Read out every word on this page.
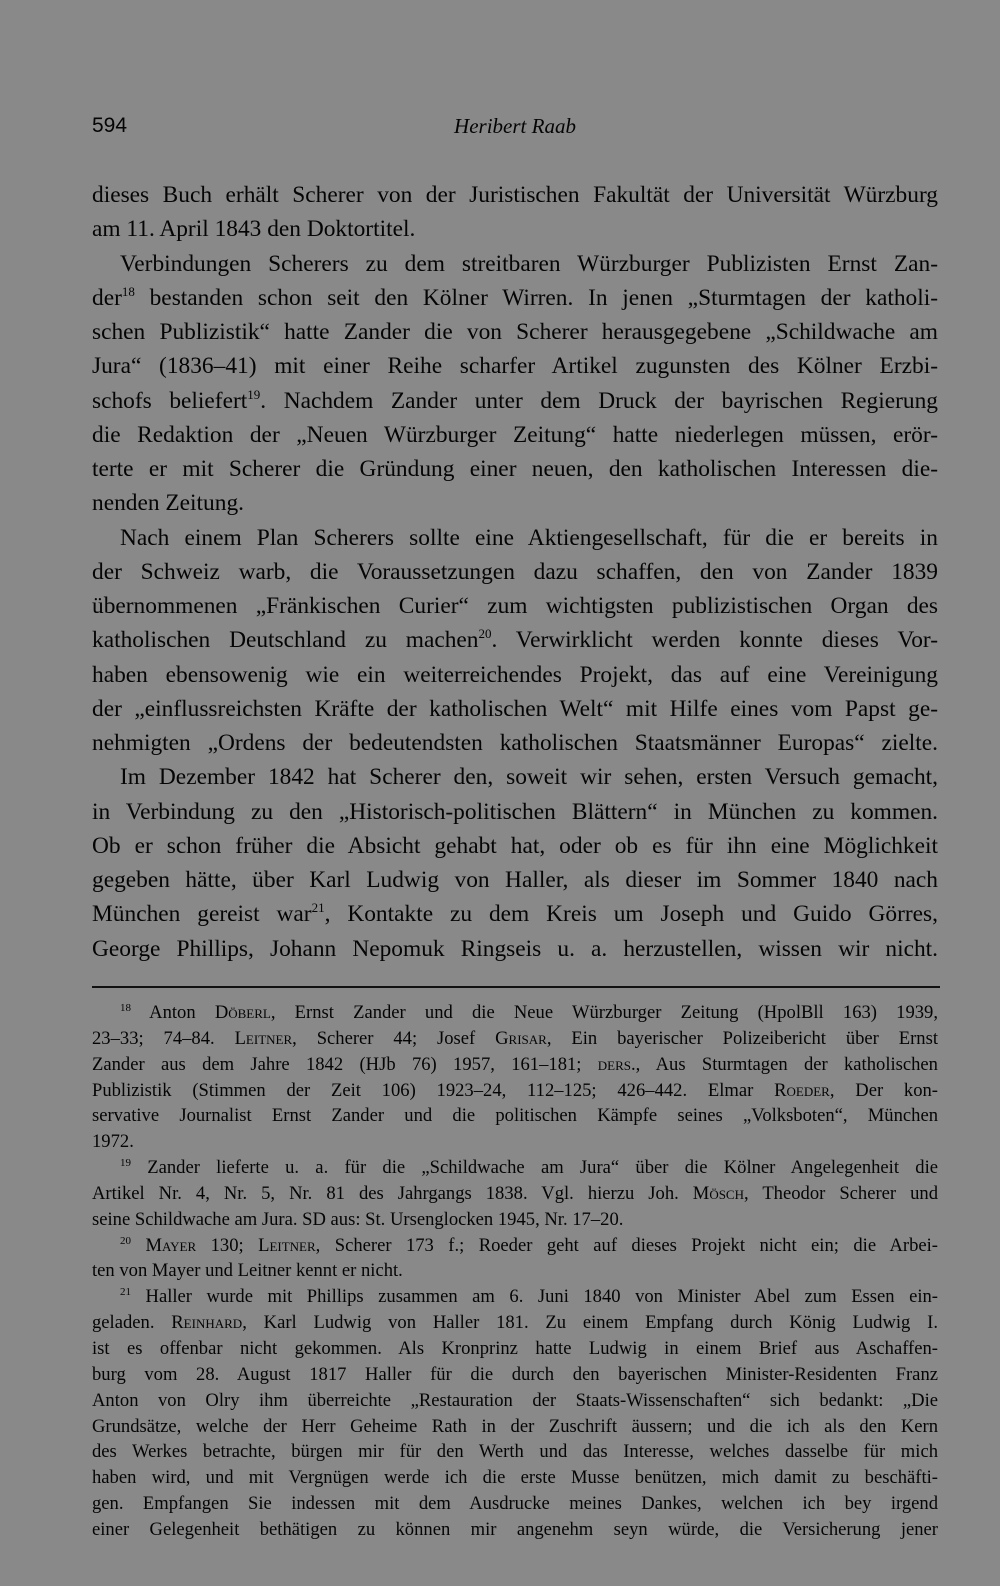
594	Heribert Raab
dieses Buch erhält Scherer von der Juristischen Fakultät der Universität Würzburg
am 11. April 1843 den Doktortitel.
Verbindungen Scherers zu dem streitbaren Würzburger Publizisten Ernst Zan-
der$^{18}$ bestanden schon seit den Kölner Wirren. In jenen „Sturmtagen der katholi-
schen Publizistik“ hatte Zander die von Scherer herausgegebene „Schildwache am
Jura“ (1836–41) mit einer Reihe scharfer Artikel zugunsten des Kölner Erzbi-
schofs beliefert$^{19}$. Nachdem Zander unter dem Druck der bayrischen Regierung
die Redaktion der „Neuen Würzburger Zeitung“ hatte niederlegen müssen, erör-
terte er mit Scherer die Gründung einer neuen, den katholischen Interessen die-
nenden Zeitung.
Nach einem Plan Scherers sollte eine Aktiengesellschaft, für die er bereits in
der Schweiz warb, die Voraussetzungen dazu schaffen, den von Zander 1839
übernommenen „Fränkischen Curier“ zum wichtigsten publizistischen Organ des
katholischen Deutschland zu machen$^{20}$. Verwirklicht werden konnte dieses Vor-
haben ebensowenig wie ein weiterreichendes Projekt, das auf eine Vereinigung
der „einflussreichsten Kräfte der katholischen Welt“ mit Hilfe eines vom Papst ge-
nehmigten „Ordens der bedeutendsten katholischen Staatsmänner Europas“ zielte.
Im Dezember 1842 hat Scherer den, soweit wir sehen, ersten Versuch gemacht,
in Verbindung zu den „Historisch-politischen Blättern“ in München zu kommen.
Ob er schon früher die Absicht gehabt hat, oder ob es für ihn eine Möglichkeit
gegeben hätte, über Karl Ludwig von Haller, als dieser im Sommer 1840 nach
München gereist war$^{21}$, Kontakte zu dem Kreis um Joseph und Guido Görres,
George Phillips, Johann Nepomuk Ringseis u. a. herzustellen, wissen wir nicht.
$^{18}$ Anton Döberl, Ernst Zander und die Neue Würzburger Zeitung (HpolBll 163) 1939,
23–33; 74–84. Leitner, Scherer 44; Josef Grisar, Ein bayerischer Polizeibericht über Ernst
Zander aus dem Jahre 1842 (HJb 76) 1957, 161–181; ders., Aus Sturmtagen der katholischen
Publizistik (Stimmen der Zeit 106) 1923–24, 112–125; 426–442. Elmar Roeder, Der kon-
servative Journalist Ernst Zander und die politischen Kämpfe seines „Volksboten“, München
1972.
$^{19}$ Zander lieferte u. a. für die „Schildwache am Jura“ über die Kölner Angelegenheit die
Artikel Nr. 4, Nr. 5, Nr. 81 des Jahrgangs 1838. Vgl. hierzu Joh. Mösch, Theodor Scherer und
seine Schildwache am Jura. SD aus: St. Ursenglocken 1945, Nr. 17–20.
$^{20}$ Mayer 130; Leitner, Scherer 173 f.; Roeder geht auf dieses Projekt nicht ein; die Arbei-
ten von Mayer und Leitner kennt er nicht.
$^{21}$ Haller wurde mit Phillips zusammen am 6. Juni 1840 von Minister Abel zum Essen ein-
geladen. Reinhard, Karl Ludwig von Haller 181. Zu einem Empfang durch König Ludwig I.
ist es offenbar nicht gekommen. Als Kronprinz hatte Ludwig in einem Brief aus Aschaffen-
burg vom 28. August 1817 Haller für die durch den bayerischen Minister-Residenten Franz
Anton von Olry ihm überreichte „Restauration der Staats-Wissenschaften“ sich bedankt: „Die
Grundsätze, welche der Herr Geheime Rath in der Zuschrift äussern; und die ich als den Kern
des Werkes betrachte, bürgen mir für den Werth und das Interesse, welches dasselbe für mich
haben wird, und mit Vergnügen werde ich die erste Musse benützen, mich damit zu beschäfti-
gen. Empfangen Sie indessen mit dem Ausdrucke meines Dankes, welchen ich bey irgend
einer Gelegenheit bethätigen zu können mir angenehm seyn würde, die Versicherung jener
